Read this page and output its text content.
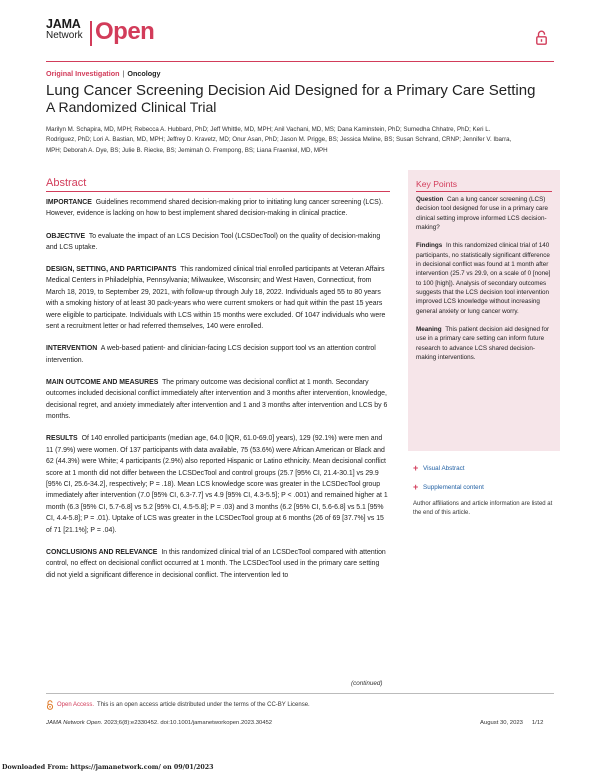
JAMA
Network Open
Original Investigation | Oncology
Lung Cancer Screening Decision Aid Designed for a Primary Care Setting
A Randomized Clinical Trial
Marilyn M. Schapira, MD, MPH; Rebecca A. Hubbard, PhD; Jeff Whittle, MD, MPH; Anil Vachani, MD, MS; Dana Kaminstein, PhD; Sumedha Chhatre, PhD; Keri L. Rodriguez, PhD; Lori A. Bastian, MD, MPH; Jeffrey D. Kravetz, MD; Onur Asan, PhD; Jason M. Prigge, BS; Jessica Meline, BS; Susan Schrand, CRNP; Jennifer V. Ibarra, MPH; Deborah A. Dye, BS; Julie B. Riecke, BS; Jemimah O. Frempong, BS; Liana Fraenkel, MD, MPH
Abstract

IMPORTANCE Guidelines recommend shared decision-making prior to initiating lung cancer screening (LCS). However, evidence is lacking on how to best implement shared decision-making in clinical practice.

OBJECTIVE To evaluate the impact of an LCS Decision Tool (LCSDecTool) on the quality of decision-making and LCS uptake.

DESIGN, SETTING, AND PARTICIPANTS This randomized clinical trial enrolled participants at Veteran Affairs Medical Centers in Philadelphia, Pennsylvania; Milwaukee, Wisconsin; and West Haven, Connecticut, from March 18, 2019, to September 29, 2021, with follow-up through July 18, 2022. Individuals aged 55 to 80 years with a smoking history of at least 30 pack-years who were current smokers or had quit within the past 15 years were eligible to participate. Individuals with LCS within 15 months were excluded. Of 1047 individuals who were sent a recruitment letter or had referred themselves, 140 were enrolled.

INTERVENTION A web-based patient- and clinician-facing LCS decision support tool vs an attention control intervention.

MAIN OUTCOME AND MEASURES The primary outcome was decisional conflict at 1 month. Secondary outcomes included decisional conflict immediately after intervention and 3 months after intervention, knowledge, decisional regret, and anxiety immediately after intervention and 1 and 3 months after intervention and LCS by 6 months.

RESULTS Of 140 enrolled participants (median age, 64.0 [IQR, 61.0-69.0] years), 129 (92.1%) were men and 11 (7.9%) were women. Of 137 participants with data available, 75 (53.6%) were African American or Black and 62 (44.3%) were White; 4 participants (2.9%) also reported Hispanic or Latino ethnicity. Mean decisional conflict score at 1 month did not differ between the LCSDecTool and control groups (25.7 [95% CI, 21.4-30.1] vs 29.9 [95% CI, 25.6-34.2], respectively; P = .18). Mean LCS knowledge score was greater in the LCSDecTool group immediately after intervention (7.0 [95% CI, 6.3-7.7] vs 4.9 [95% CI, 4.3-5.5]; P < .001) and remained higher at 1 month (6.3 [95% CI, 5.7-6.8] vs 5.2 [95% CI, 4.5-5.8]; P = .03) and 3 months (6.2 [95% CI, 5.6-6.8] vs 5.1 [95% CI, 4.4-5.8]; P = .01). Uptake of LCS was greater in the LCSDecTool group at 6 months (26 of 69 [37.7%] vs 15 of 71 [21.1%]; P = .04).

CONCLUSIONS AND RELEVANCE In this randomized clinical trial of an LCSDecTool compared with attention control, no effect on decisional conflict occurred at 1 month. The LCSDecTool used in the primary care setting did not yield a significant difference in decisional conflict. The intervention led to

(continued)
Key Points

Question Can a lung cancer screening (LCS) decision tool designed for use in a primary care clinical setting improve informed LCS decision-making?

Findings In this randomized clinical trial of 140 participants, no statistically significant difference in decisional conflict was found at 1 month after intervention (25.7 vs 29.9, on a scale of 0 [none] to 100 [high]). Analysis of secondary outcomes suggests that the LCS decision tool intervention improved LCS knowledge without increasing general anxiety or lung cancer worry.

Meaning This patient decision aid designed for use in a primary care setting can inform future research to advance LCS shared decision-making interventions.

+ Visual Abstract
+ Supplemental content
Author affiliations and article information are listed at the end of this article.
Open Access. This is an open access article distributed under the terms of the CC-BY License.
JAMA Network Open. 2023;6(8):e2330452. doi:10.1001/jamanetworkopen.2023.30452	August 30, 2023 1/12
Downloaded From: https://jamanetwork.com/ on 09/01/2023
